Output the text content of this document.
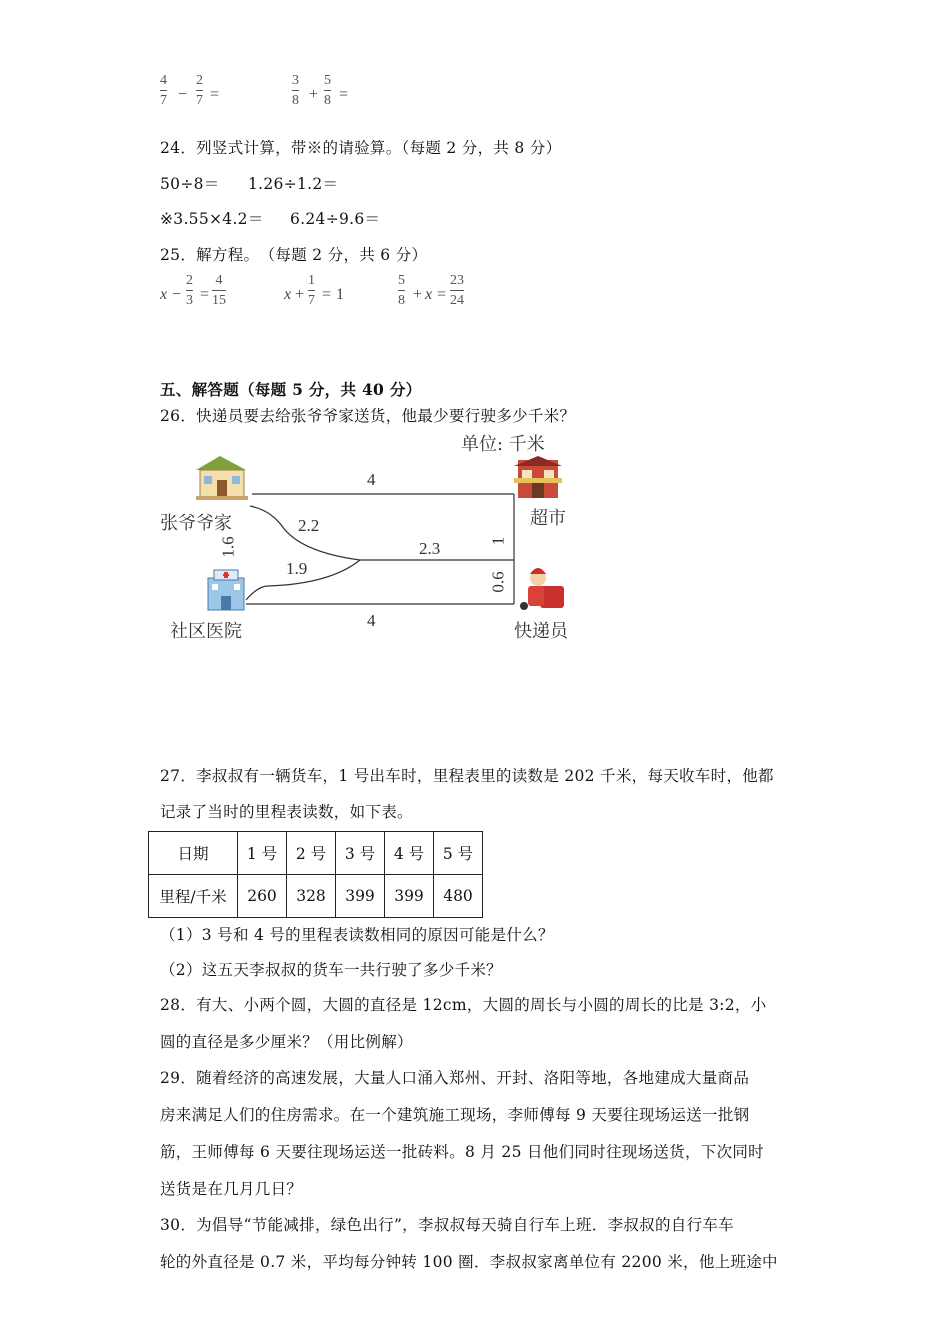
4
7 −
2
7 =
3
8 +
5
8 =
24．列竖式计算，带※的请验算。（每题 2 分，共 8 分）
50÷8＝ 1.26÷1.2＝
※3.55×4.2＝ 6.24÷9.6＝
25．解方程。　（每题 2 分，共 6 分）
x −
2
3 =
4
15	x +
1
7 = 1
5
8 + x =
23
24
五、解答题（每题 5 分，共 40 分）
26．快递员要去给张爷爷家送货，他最少要行驶多少千米？
单位: 千米
张爷爷家	超市
社区医院	快递员
4
2.2
1.9
2.3
1.6	1
0.6
4
27．李叔叔有一辆货车，1 号出车时，里程表里的读数是 202 千米，每天收车时，他都
记录了当时的里程表读数，如下表。
日期	1 号	2 号	3 号	4 号	5 号
里程/千米	260	328	399	399	480
（1）3 号和 4 号的里程表读数相同的原因可能是什么？
（2）这五天李叔叔的货车一共行驶了多少千米？
28．有大、小两个圆，大圆的直径是 12cm，大圆的周长与小圆的周长的比是 3:2，小
圆的直径是多少厘米？（用比例解）
29．随着经济的高速发展，大量人口涌入郑州、开封、洛阳等地，各地建成大量商品
房来满足人们的住房需求。在一个建筑施工现场，李师傅每 9 天要往现场运送一批钢
筋，王师傅每 6 天要往现场运送一批砖料。8 月 25 日他们同时往现场送货，下次同时
送货是在几月几日？
30．为倡导“节能减排，绿色出行”，李叔叔每天骑自行车上班．李叔叔的自行车车
轮的外直径是 0.7 米，平均每分钟转 100 圈．李叔叔家离单位有 2200 米，他上班途中
